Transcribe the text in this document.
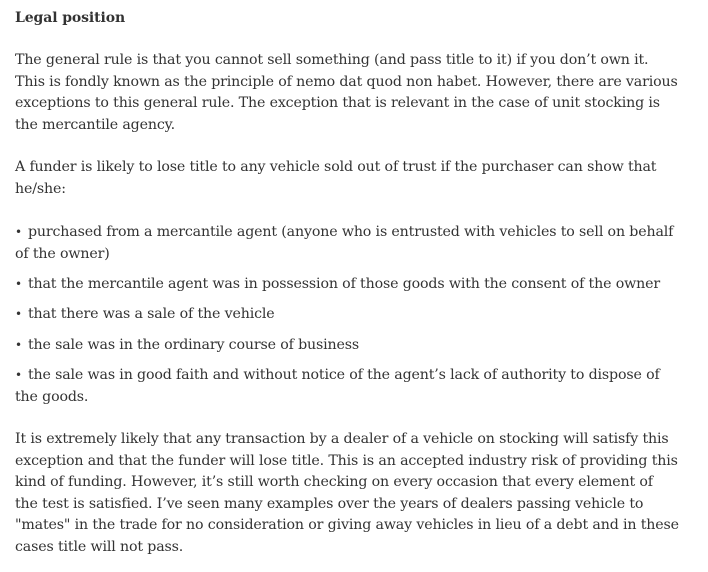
Legal position

The general rule is that you cannot sell something (and pass title to it) if you don’t own it.
This is fondly known as the principle of nemo dat quod non habet. However, there are various
exceptions to this general rule. The exception that is relevant in the case of unit stocking is
the mercantile agency.

A funder is likely to lose title to any vehicle sold out of trust if the purchaser can show that
he/she:

• purchased from a mercantile agent (anyone who is entrusted with vehicles to sell on behalf
of the owner)

• that the mercantile agent was in possession of those goods with the consent of the owner

• that there was a sale of the vehicle

• the sale was in the ordinary course of business

• the sale was in good faith and without notice of the agent’s lack of authority to dispose of
the goods.

It is extremely likely that any transaction by a dealer of a vehicle on stocking will satisfy this
exception and that the funder will lose title. This is an accepted industry risk of providing this
kind of funding. However, it’s still worth checking on every occasion that every element of
the test is satisfied. I’ve seen many examples over the years of dealers passing vehicle to
"mates" in the trade for no consideration or giving away vehicles in lieu of a debt and in these
cases title will not pass.
